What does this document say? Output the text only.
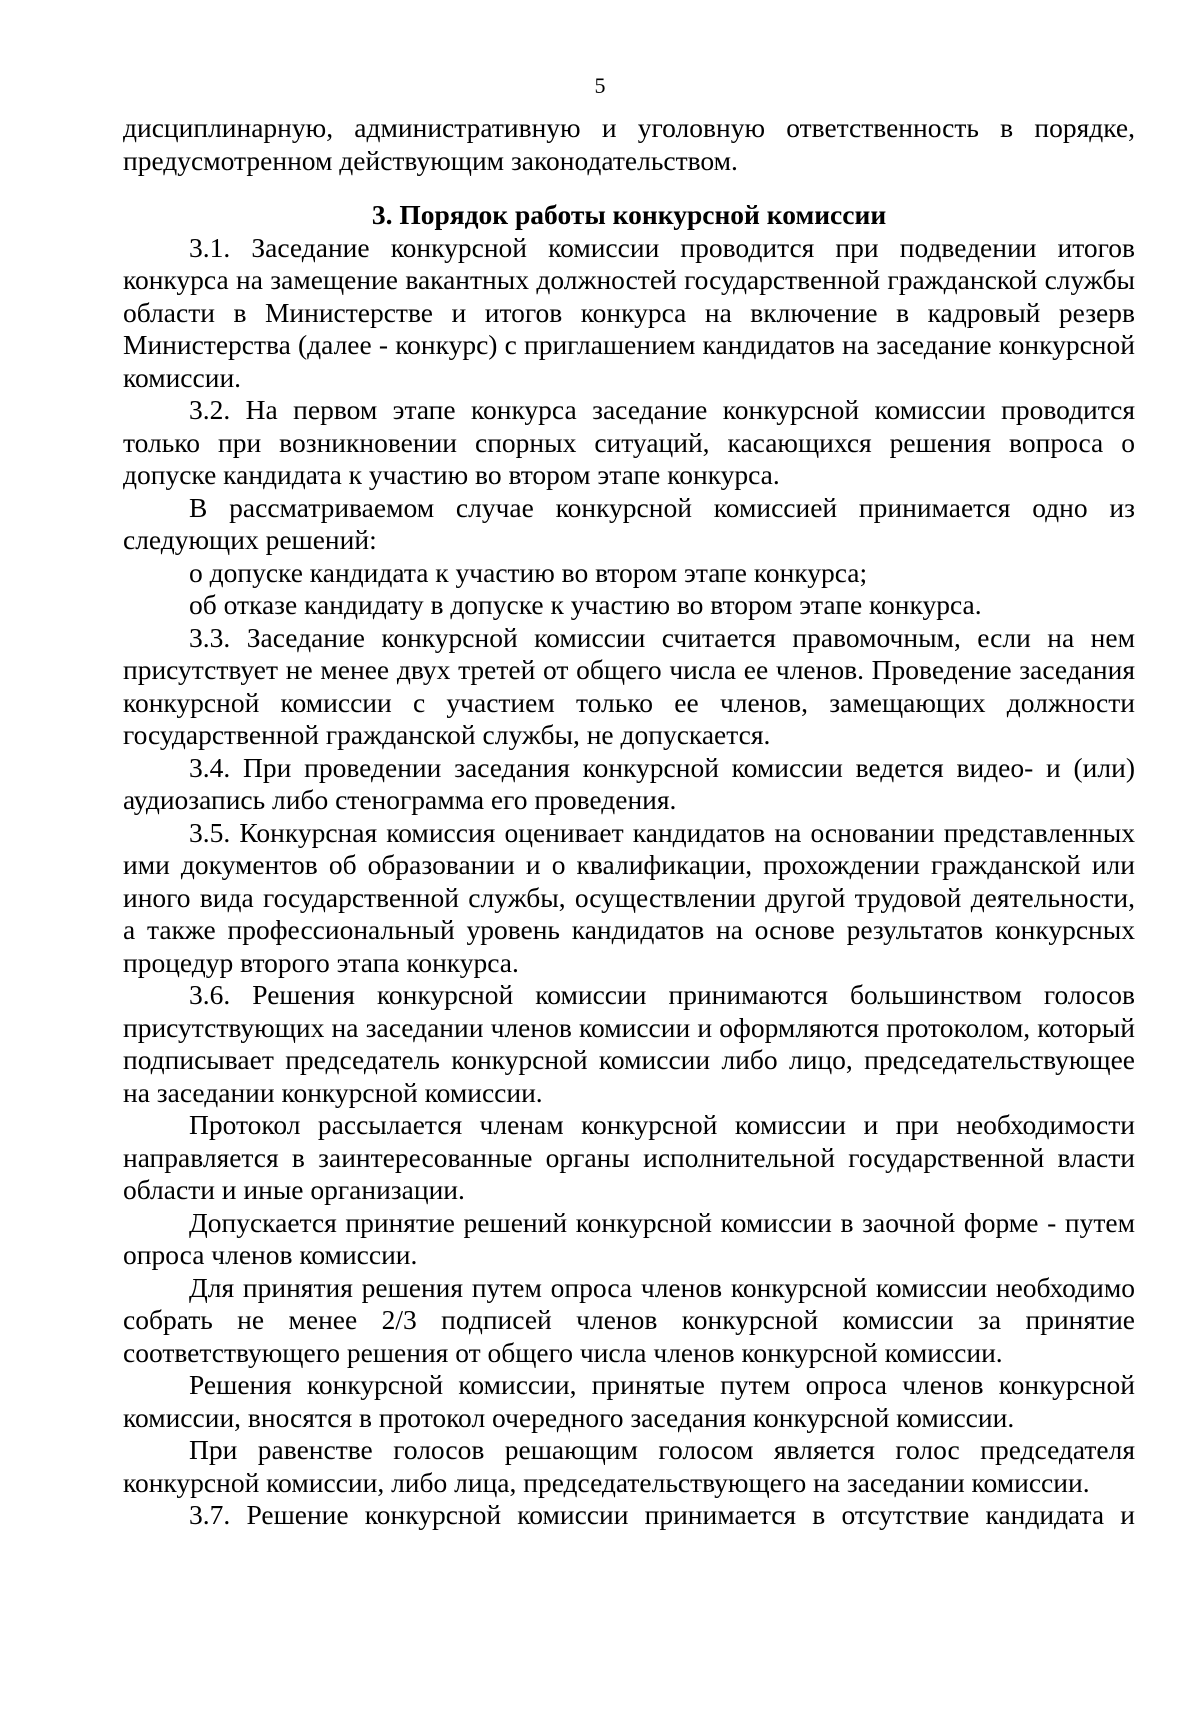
5

дисциплинарную, административную и уголовную ответственность в порядке, предусмотренном действующим законодательством.

3. Порядок работы конкурсной комиссии

3.1. Заседание конкурсной комиссии проводится при подведении итогов конкурса на замещение вакантных должностей государственной гражданской службы области в Министерстве и итогов конкурса на включение в кадровый резерв Министерства (далее - конкурс) с приглашением кандидатов на заседание конкурсной комиссии.

3.2. На первом этапе конкурса заседание конкурсной комиссии проводится только при возникновении спорных ситуаций, касающихся решения вопроса о допуске кандидата к участию во втором этапе конкурса.

В рассматриваемом случае конкурсной комиссией принимается одно из следующих решений:

о допуске кандидата к участию во втором этапе конкурса;

об отказе кандидату в допуске к участию во втором этапе конкурса.

3.3. Заседание конкурсной комиссии считается правомочным, если на нем присутствует не менее двух третей от общего числа ее членов. Проведение заседания конкурсной комиссии с участием только ее членов, замещающих должности государственной гражданской службы, не допускается.

3.4. При проведении заседания конкурсной комиссии ведется видео- и (или) аудиозапись либо стенограмма его проведения.

3.5. Конкурсная комиссия оценивает кандидатов на основании представленных ими документов об образовании и о квалификации, прохождении гражданской или иного вида государственной службы, осуществлении другой трудовой деятельности, а также профессиональный уровень кандидатов на основе результатов конкурсных процедур второго этапа конкурса.

3.6. Решения конкурсной комиссии принимаются большинством голосов присутствующих на заседании членов комиссии и оформляются протоколом, который подписывает председатель конкурсной комиссии либо лицо, председательствующее на заседании конкурсной комиссии.

Протокол рассылается членам конкурсной комиссии и при необходимости направляется в заинтересованные органы исполнительной государственной власти области и иные организации.

Допускается принятие решений конкурсной комиссии в заочной форме - путем опроса членов комиссии.

Для принятия решения путем опроса членов конкурсной комиссии необходимо собрать не менее 2/3 подписей членов конкурсной комиссии за принятие соответствующего решения от общего числа членов конкурсной комиссии.

Решения конкурсной комиссии, принятые путем опроса членов конкурсной комиссии, вносятся в протокол очередного заседания конкурсной комиссии.

При равенстве голосов решающим голосом является голос председателя конкурсной комиссии, либо лица, председательствующего на заседании комиссии.

3.7. Решение конкурсной комиссии принимается в отсутствие кандидата и
